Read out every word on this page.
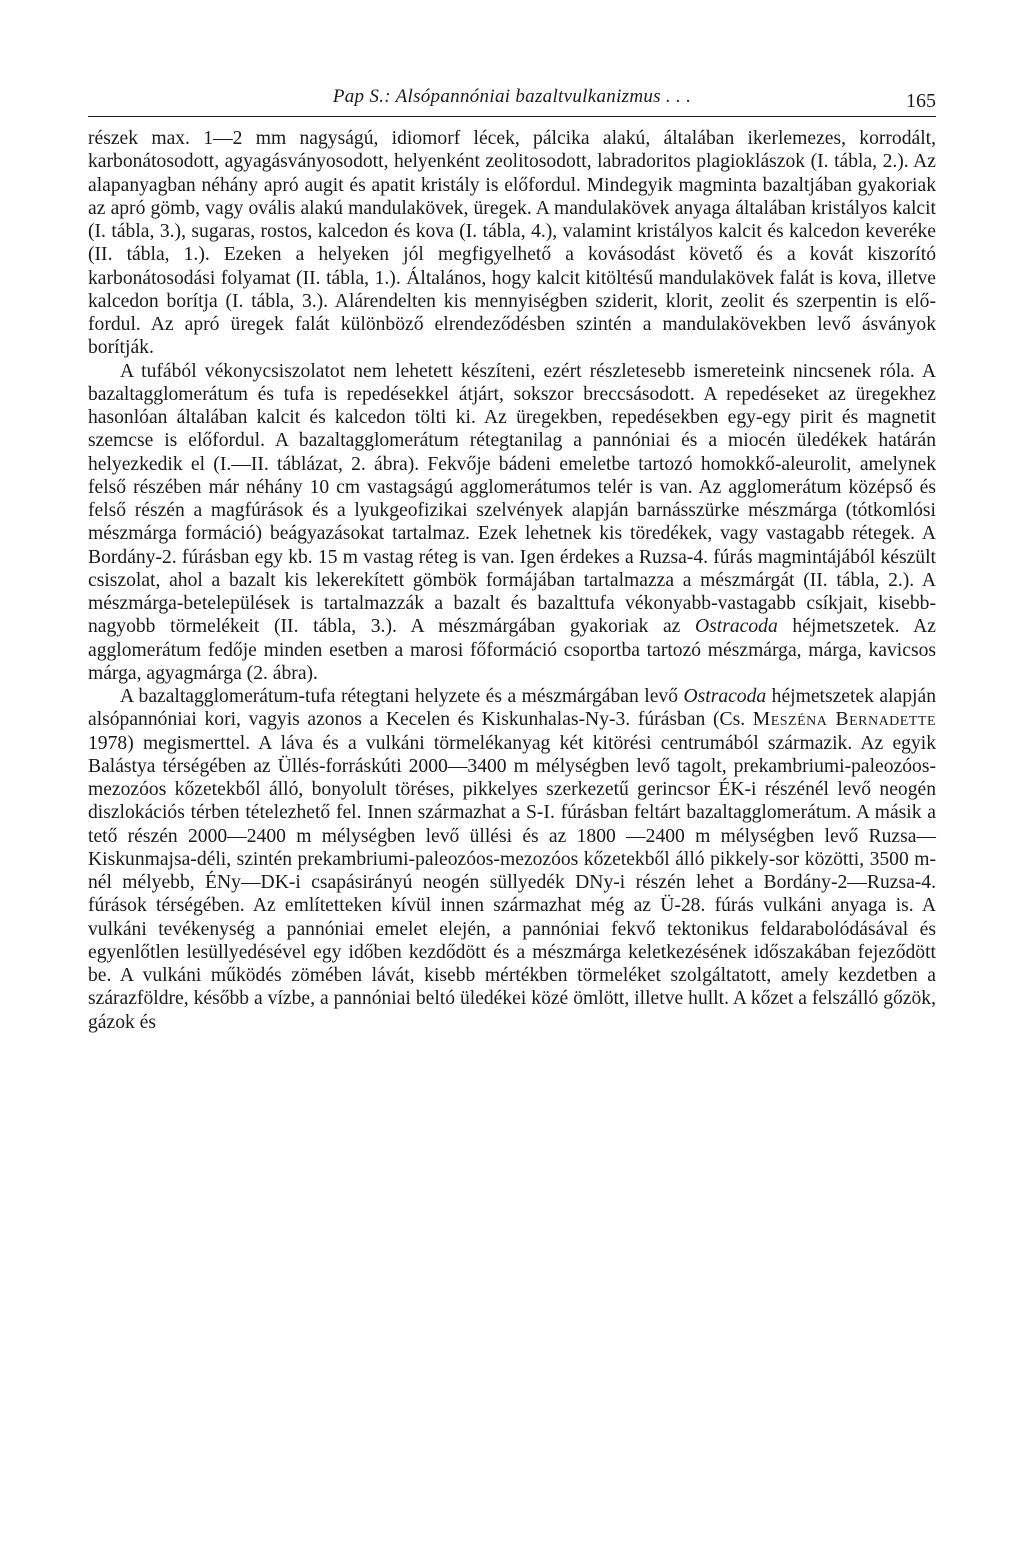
Pap S.: Alsópannóniai bazaltvulkanizmus . . .	165

részek max. 1—2 mm nagyságú, idiomorf lécek, pálcika alakú, általában ikerlemezes, korrodált, karbonátosodott, agyagásványosodott, helyenként zeolitosodott, labradoritos plagioklászok (I. tábla, 2.). Az alapanyagban néhány apró augit és apatit kristály is előfordul. Mindegyik magminta bazaltjában gyakoriak az apró gömb, vagy ovális alakú mandulakövek, üregek. A mandulakövek anyaga általában kristályos kalcit (I. tábla, 3.), sugaras, rostos, kalcedon és kova (I. tábla, 4.), valamint kristályos kalcit és kalcedon keveréke (II. tábla, 1.). Ezeken a helyeken jól megfigyelhető a kovásodást követő és a kovát kiszorító karbonátosodási folyamat (II. tábla, 1.). Általános, hogy kalcit kitöltésű mandulakövek falát is kova, illetve kalcedon borítja (I. tábla, 3.). Alárendelten kis mennyiségben sziderit, klorit, zeolit és szerpentin is előfordul. Az apró üregek falát különböző elrendeződésben szintén a mandulakövekben levő ásványok borítják.

A tufából vékonycsiszolatot nem lehetett készíteni, ezért részletesebb ismereteink nincsenek róla. A bazaltagglomerátum és tufa is repedésekkel átjárt, sokszor breccsásodott. A repedéseket az üregekhez hasonlóan általában kalcit és kalcedon tölti ki. Az üregekben, repedésekben egy-egy pirit és magnetit szemcse is előfordul. A bazaltagglomerátum rétegtanilag a pannóniai és a miocén üledékek határán helyezkedik el (I.—II. táblázat, 2. ábra). Fekvője bádeni emeletbe tartozó homokkő-aleurolit, amelynek felső részében már néhány 10 cm vastagságú agglomerátumos telér is van. Az agglomerátum középső és felső részén a magfúrások és a lyukgeofizikai szelvények alapján barnásszürke mészmárga (tótkomlósi mészmárga formáció) beágyazásokat tartalmaz. Ezek lehetnek kis töredékek, vagy vastagabb rétegek. A Bordány-2. fúrásban egy kb. 15 m vastag réteg is van. Igen érdekes a Ruzsa-4. fúrás magmintájából készült csiszolat, ahol a bazalt kis lekerekített gömbök formájában tartalmazza a mészmárgát (II. tábla, 2.). A mészmárga-betelepülések is tartalmazzák a bazalt és bazalttufa vékonyabb-vastagabb csíkjait, kisebb-nagyobb törmelékeit (II. tábla, 3.). A mészmárgában gyakoriak az Ostracoda héjmetszetek. Az agglomerátum fedője minden esetben a marosi főformáció csoportba tartozó mészmárga, márga, kavicsos márga, agyagmárga (2. ábra).

A bazaltagglomerátum-tufa rétegtani helyzete és a mészmárgában levő Ostracoda héjmetszetek alapján alsópannóniai kori, vagyis azonos a Kecelen és Kiskunhalas-Ny-3. fúrásban (Cs. Meszéna Bernadette 1978) megismerttel. A láva és a vulkáni törmelékanyag két kitörési centrumából származik. Az egyik Balástya térségében az Üllés-forráskúti 2000—3400 m mélységben levő tagolt, prekambriumi-paleozóos-mezozóos kőzetekből álló, bonyolult töréses, pikkelyes szerkezetű gerincsor ÉK-i részénél levő neogén diszlokációs térben tételezhető fel. Innen származhat a S-I. fúrásban feltárt bazaltagglomerátum. A másik a tető részén 2000—2400 m mélységben levő üllési és az 1800 —2400 m mélységben levő Ruzsa—Kiskunmajsa-déli, szintén prekambriumi-paleozóos-mezozóos kőzetekből álló pikkely-sor közötti, 3500 m-nél mélyebb, ÉNy—DK-i csapásirányú neogén süllyedék DNy-i részén lehet a Bordány-2—Ruzsa-4. fúrások térségében. Az említetteken kívül innen származhat még az Ü-28. fúrás vulkáni anyaga is. A vulkáni tevékenység a pannóniai emelet elején, a pannóniai fekvő tektonikus feldarabolódásával és egyenlőtlen lesüllyedésével egy időben kezdődött és a mészmárga keletkezésének időszakában fejeződött be. A vulkáni működés zömében lávát, kisebb mértékben törmeléket szolgáltatott, amely kezdetben a szárazföldre, később a vízbe, a pannóniai beltó üledékei közé ömlött, illetve hullt. A kőzet a felszálló gőzök, gázok és
